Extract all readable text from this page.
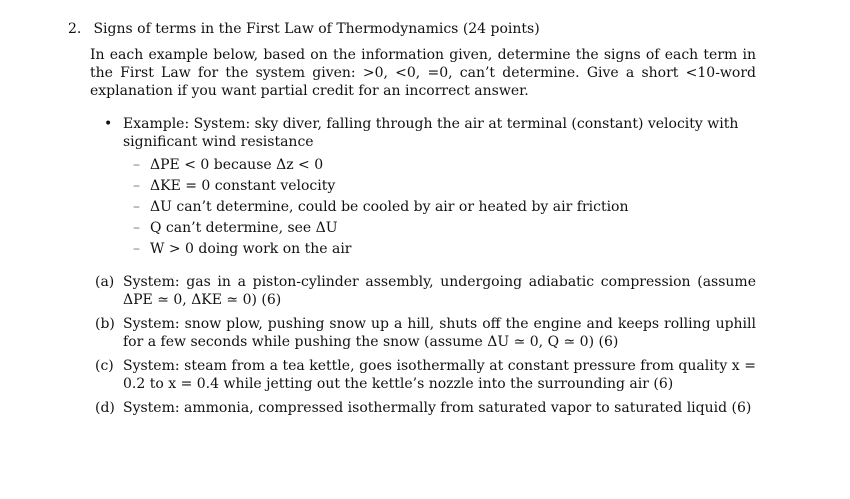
2. Signs of terms in the First Law of Thermodynamics (24 points)
In each example below, based on the information given, determine the signs of each term in the First Law for the system given: >0, <0, =0, can’t determine. Give a short <10-word explanation if you want partial credit for an incorrect answer.
• Example: System: sky diver, falling through the air at terminal (constant) velocity with significant wind resistance
– ΔPE < 0 because Δz < 0
– ΔKE = 0 constant velocity
– ΔU can’t determine, could be cooled by air or heated by air friction
– Q can’t determine, see ΔU
– W > 0 doing work on the air
(a) System: gas in a piston-cylinder assembly, undergoing adiabatic compression (assume ΔPE ≃ 0, ΔKE ≃ 0) (6)
(b) System: snow plow, pushing snow up a hill, shuts off the engine and keeps rolling uphill for a few seconds while pushing the snow (assume ΔU ≃ 0, Q ≃ 0) (6)
(c) System: steam from a tea kettle, goes isothermally at constant pressure from quality x = 0.2 to x = 0.4 while jetting out the kettle’s nozzle into the surrounding air (6)
(d) System: ammonia, compressed isothermally from saturated vapor to saturated liquid (6)
